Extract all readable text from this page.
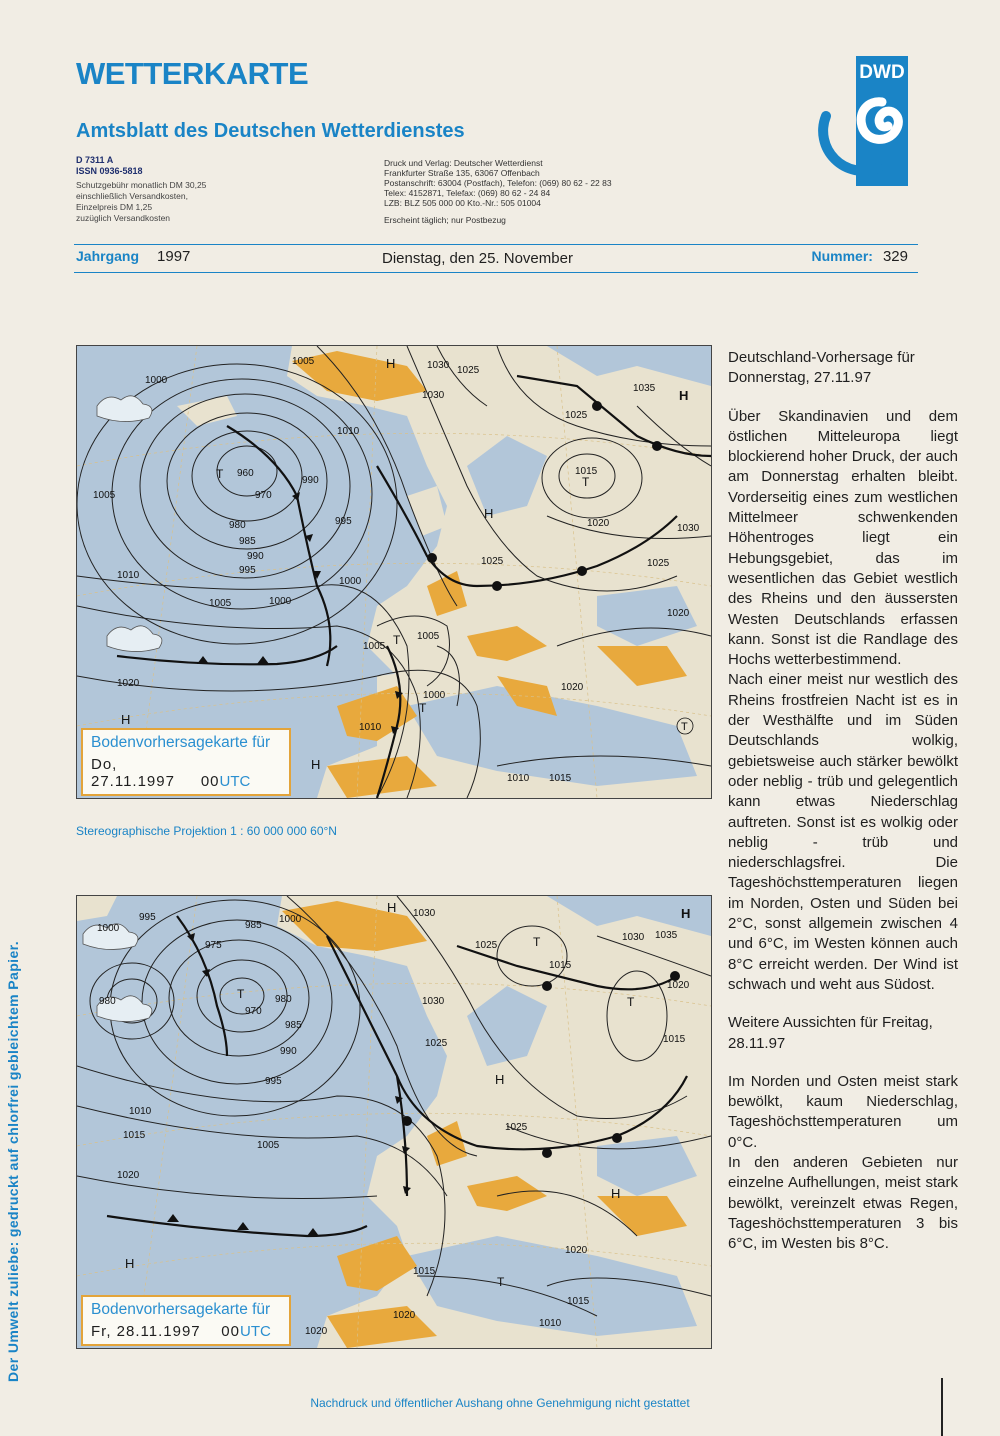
WETTERKARTE
Amtsblatt des Deutschen Wetterdienstes
DWD
D 7311 A
ISSN 0936-5818
Schutzgebühr monatlich DM 30,25
einschließlich Versandkosten,
Einzelpreis DM 1,25
zuzüglich Versandkosten
Druck und Verlag: Deutscher Wetterdienst
Frankfurter Straße 135, 63067 Offenbach
Postanschrift: 63004 (Postfach), Telefon: (069) 80 62 - 22 83
Telex: 4152871, Telefax: (069) 80 62 - 24 84
LZB: BLZ 505 000 00 Kto.-Nr.: 505 01004
Erscheint täglich; nur Postbezug
Jahrgang 1997	Dienstag, den 25. November	Nummer: 329
1005
1000
1030 1025
1030
1035 H
1005
960
970
980
985
990
995
995
990
1010
1010
1005	1000
1000
1005
1005
1000
1010
1020
1025
1015
1020	1030
1025
1020
1025
1020
1010 1015
H
H
H
H
T
T
T
T
T
Bodenvorhersagekarte für
Do, 27.11.1997 00UTC
Stereographische Projektion 1 : 60 000 000 60°N
995
1000	985
975
1000
1030
H
1025
1030 1035
H
980
970
980
985
990
995
1030
1015
1020
1025	1015
1010
1015
1005
1020
1025
1020
1015
1015
1010
1020
1020
H
H
H
T
T
T
T
Bodenvorhersagekarte für
Fr, 28.11.1997 00UTC

Deutschland-Vorhersage für Donnerstag, 27.11.97

Über Skandinavien und dem östlichen Mitteleuropa liegt blockierend hoher Druck, der auch am Donnerstag erhalten bleibt. Vorderseitig eines zum westlichen Mittelmeer schwenkenden Höhentroges liegt ein Hebungsgebiet, das im wesentlichen das Gebiet westlich des Rheins und den äussersten Westen Deutschlands erfassen kann. Sonst ist die Randlage des Hochs wetterbestimmend.

Nach einer meist nur westlich des Rheins frostfreien Nacht ist es in der Westhälfte und im Süden Deutschlands wolkig, gebietsweise auch stärker bewölkt oder neblig - trüb und gelegentlich kann etwas Niederschlag auftreten. Sonst ist es wolkig oder neblig - trüb und niederschlagsfrei. Die Tageshöchsttemperaturen liegen im Norden, Osten und Süden bei 2°C, sonst allgemein zwischen 4 und 6°C, im Westen können auch 8°C erreicht werden. Der Wind ist schwach und weht aus Südost.

Weitere Aussichten für Freitag, 28.11.97

Im Norden und Osten meist stark bewölkt, kaum Niederschlag, Tageshöchsttemperaturen um 0°C.

In den anderen Gebieten nur einzelne Aufhellungen, meist stark bewölkt, vereinzelt etwas Regen, Tageshöchsttemperaturen 3 bis 6°C, im Westen bis 8°C.

Der Umwelt zuliebe: gedruckt auf chlorfrei gebleichtem Papier.
Nachdruck und öffentlicher Aushang ohne Genehmigung nicht gestattet
